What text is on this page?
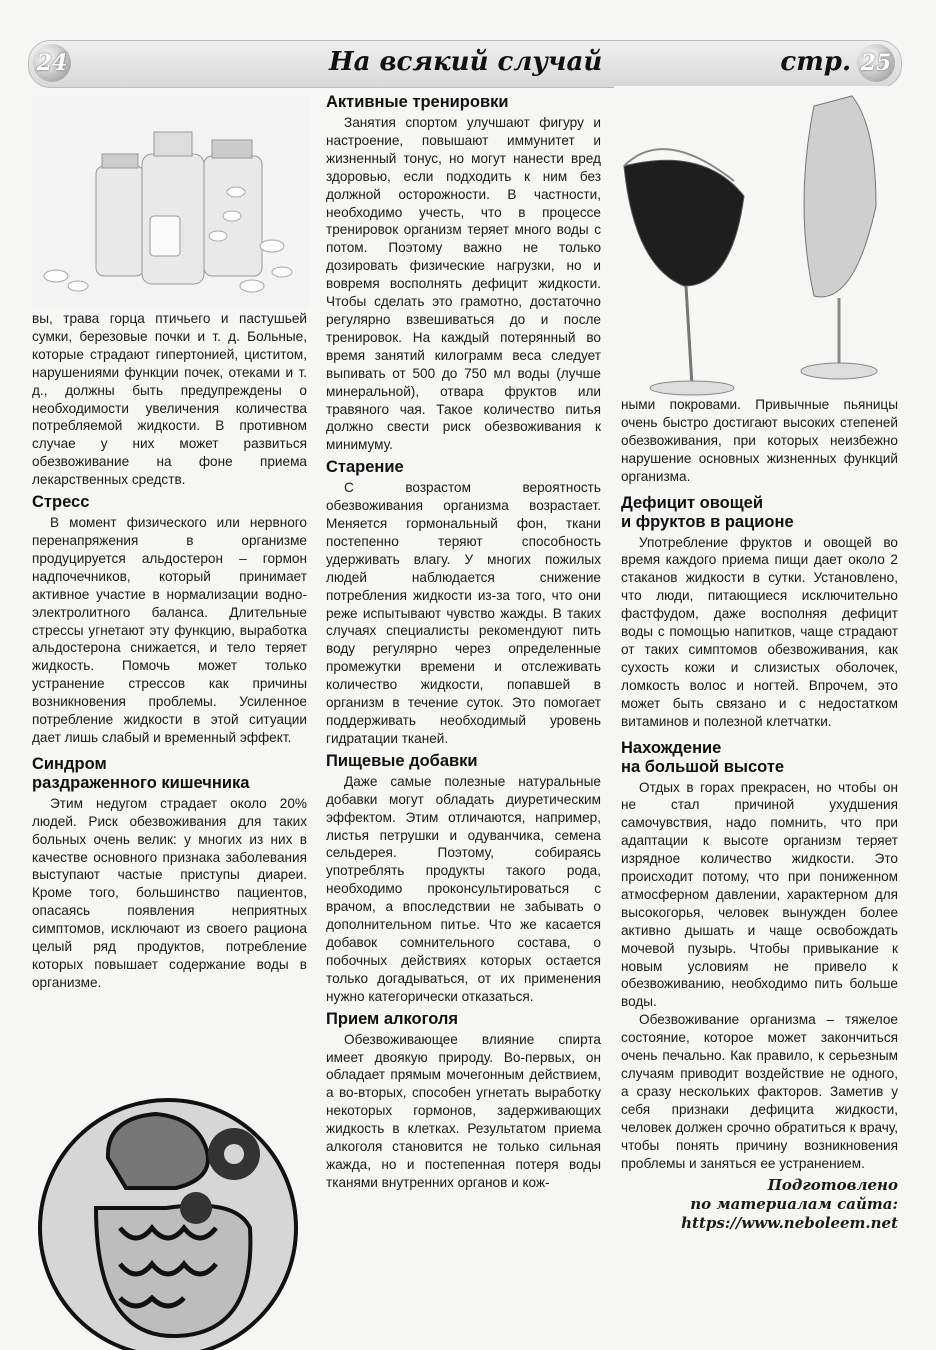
24	На всякий случай	стр. 25

вы, трава горца птичьего и пастушьей сумки, березовые почки и т. д. Больные, которые страдают гипертонией, циститом, нарушениями функции почек, отеками и т. д., должны быть предупреждены о необходимости увеличения количества потребляемой жидкости. В противном случае у них может развиться обезвоживание на фоне приема лекарственных средств.

Стресс

В момент физического или нервного перенапряжения в организме продуцируется альдостерон – гормон надпочечников, который принимает активное участие в нормализации водно-электролитного баланса. Длительные стрессы угнетают эту функцию, выработка альдостерона снижается, и тело теряет жидкость. Помочь может только устранение стрессов как причины возникновения проблемы. Усиленное потребление жидкости в этой ситуации дает лишь слабый и временный эффект.

Синдром
раздраженного кишечника

Этим недугом страдает около 20% людей. Риск обезвоживания для таких больных очень велик: у многих из них в качестве основного признака заболевания выступают частые приступы диареи. Кроме того, большинство пациентов, опасаясь появления неприятных симптомов, исключают из своего рациона целый ряд продуктов, потребление которых повышает содержание воды в организме.

Активные тренировки

Занятия спортом улучшают фигуру и настроение, повышают иммунитет и жизненный тонус, но могут нанести вред здоровью, если подходить к ним без должной осторожности. В частности, необходимо учесть, что в процессе тренировок организм теряет много воды с потом. Поэтому важно не только дозировать физические нагрузки, но и вовремя восполнять дефицит жидкости. Чтобы сделать это грамотно, достаточно регулярно взвешиваться до и после тренировок. На каждый потерянный во время занятий килограмм веса следует выпивать от 500 до 750 мл воды (лучше минеральной), отвара фруктов или травяного чая. Такое количество питья должно свести риск обезвоживания к минимуму.

Старение

С возрастом вероятность обезвоживания организма возрастает. Меняется гормональный фон, ткани постепенно теряют способность удерживать влагу. У многих пожилых людей наблюдается снижение потребления жидкости из-за того, что они реже испытывают чувство жажды. В таких случаях специалисты рекомендуют пить воду регулярно через определенные промежутки времени и отслеживать количество жидкости, попавшей в организм в течение суток. Это помогает поддерживать необходимый уровень гидратации тканей.

Пищевые добавки

Даже самые полезные натуральные добавки могут обладать диуретическим эффектом. Этим отличаются, например, листья петрушки и одуванчика, семена сельдерея. Поэтому, собираясь употреблять продукты такого рода, необходимо проконсультироваться с врачом, а впоследствии не забывать о дополнительном питье. Что же касается добавок сомнительного состава, о побочных действиях которых остается только догадываться, от их применения нужно категорически отказаться.

Прием алкоголя

Обезвоживающее влияние спирта имеет двоякую природу. Во-первых, он обладает прямым мочегонным действием, а во-вторых, способен угнетать выработку некоторых гормонов, задерживающих жидкость в клетках. Результатом приема алкоголя становится не только сильная жажда, но и постепенная потеря воды тканями внутренних органов и кож-

ными покровами. Привычные пьяницы очень быстро достигают высоких степеней обезвоживания, при которых неизбежно нарушение основных жизненных функций организма.

Дефицит овощей
и фруктов в рационе

Употребление фруктов и овощей во время каждого приема пищи дает около 2 стаканов жидкости в сутки. Установлено, что люди, питающиеся исключительно фастфудом, даже восполняя дефицит воды с помощью напитков, чаще страдают от таких симптомов обезвоживания, как сухость кожи и слизистых оболочек, ломкость волос и ногтей. Впрочем, это может быть связано и с недостатком витаминов и полезной клетчатки.

Нахождение
на большой высоте

Отдых в горах прекрасен, но чтобы он не стал причиной ухудшения самочувствия, надо помнить, что при адаптации к высоте организм теряет изрядное количество жидкости. Это происходит потому, что при пониженном атмосферном давлении, характерном для высокогорья, человек вынужден более активно дышать и чаще освобождать мочевой пузырь. Чтобы привыкание к новым условиям не привело к обезвоживанию, необходимо пить больше воды.

Обезвоживание организма – тяжелое состояние, которое может закончиться очень печально. Как правило, к серьезным случаям приводит воздействие не одного, а сразу нескольких факторов. Заметив у себя признаки дефицита жидкости, человек должен срочно обратиться к врачу, чтобы понять причину возникновения проблемы и заняться ее устранением.

Подготовлено
по материалам сайта:
https://www.neboleem.net
